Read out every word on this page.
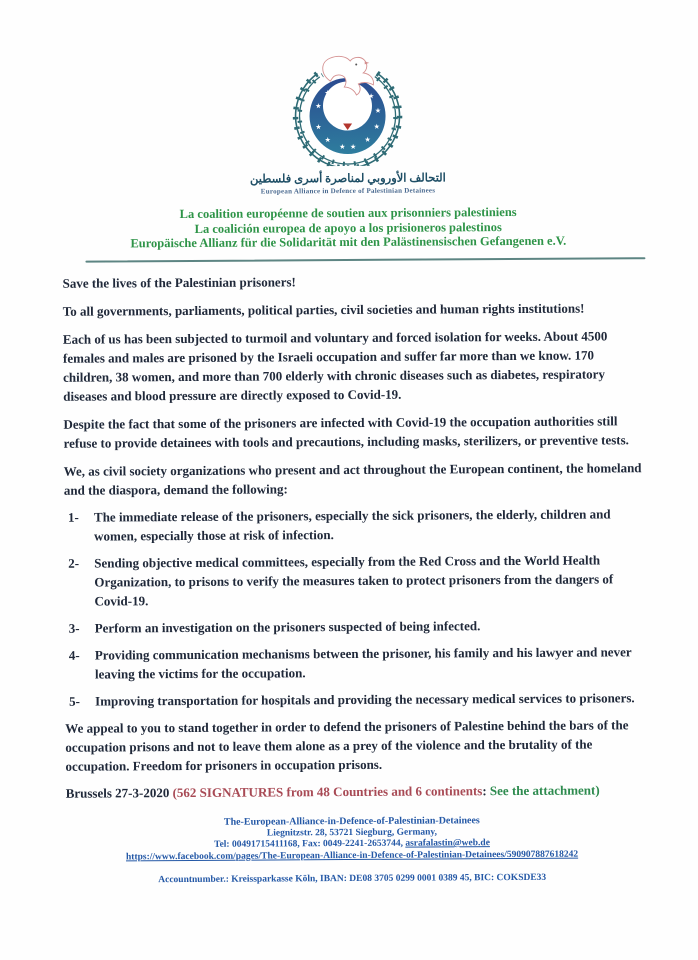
★
★
★
★
★ ★
★
★
★
★
التحالف الأوروبي لمناصرة أسرى فلسطين
European Alliance in Defence of Palestinian Detainees
La coalition européenne de soutien aux prisonniers palestiniens
La coalición europea de apoyo a los prisioneros palestinos
Europäische Allianz für die Solidarität mit den Palästinensischen Gefangenen e.V.

Save the lives of the Palestinian prisoners!

To all governments, parliaments, political parties, civil societies and human rights institutions!

Each of us has been subjected to turmoil and voluntary and forced isolation for weeks. About 4500 females and males are prisoned by the Israeli occupation and suffer far more than we know. 170 children, 38 women, and more than 700 elderly with chronic diseases such as diabetes, respiratory diseases and blood pressure are directly exposed to Covid-19.

Despite the fact that some of the prisoners are infected with Covid-19 the occupation authorities still refuse to provide detainees with tools and precautions, including masks, sterilizers, or preventive tests.

We, as civil society organizations who present and act throughout the European continent, the homeland and the diaspora, demand the following:

1-	The immediate release of the prisoners, especially the sick prisoners, the elderly, children and women, especially those at risk of infection.
2-	Sending objective medical committees, especially from the Red Cross and the World Health Organization, to prisons to verify the measures taken to protect prisoners from the dangers of Covid-19.
3-	Perform an investigation on the prisoners suspected of being infected.
4-	Providing communication mechanisms between the prisoner, his family and his lawyer and never leaving the victims for the occupation.
5-	Improving transportation for hospitals and providing the necessary medical services to prisoners.

We appeal to you to stand together in order to defend the prisoners of Palestine behind the bars of the occupation prisons and not to leave them alone as a prey of the violence and the brutality of the occupation. Freedom for prisoners in occupation prisons.

Brussels 27-3-2020 (562 SIGNATURES from 48 Countries and 6 continents: See the attachment)

The-European-Alliance-in-Defence-of-Palestinian-Detainees
Liegnitzstr. 28, 53721 Siegburg, Germany,
Tel: 00491715411168, Fax: 0049-2241-2653744, asrafalastin@web.de
https://www.facebook.com/pages/The-European-Alliance-in-Defence-of-Palestinian-Detainees/590907887618242
Accountnumber.: Kreissparkasse Köln, IBAN: DE08 3705 0299 0001 0389 45, BIC: COKSDE33
